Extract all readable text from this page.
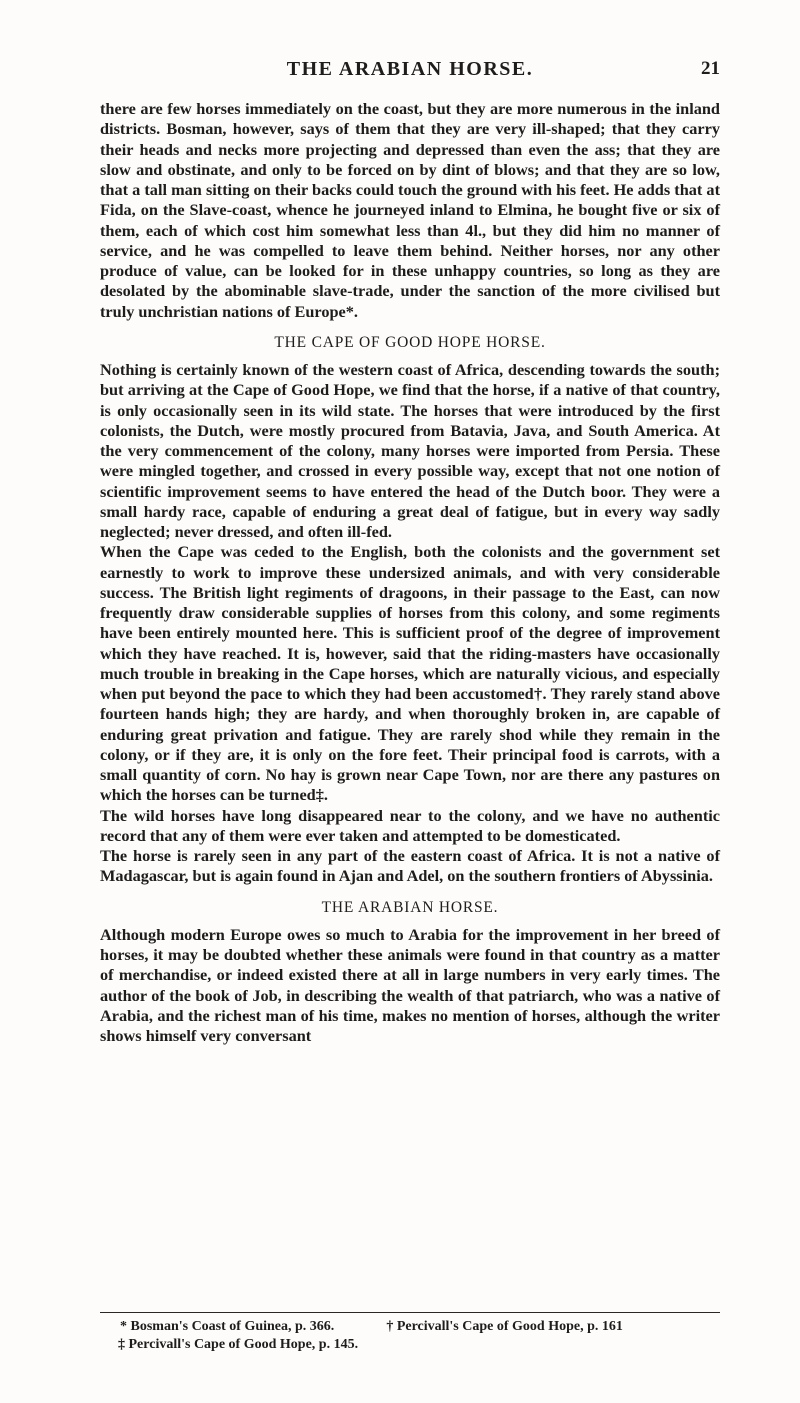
THE ARABIAN HORSE.	21

there are few horses immediately on the coast, but they are more numerous in the inland districts. Bosman, however, says of them that they are very ill-shaped; that they carry their heads and necks more projecting and depressed than even the ass; that they are slow and obstinate, and only to be forced on by dint of blows; and that they are so low, that a tall man sitting on their backs could touch the ground with his feet. He adds that at Fida, on the Slave-coast, whence he journeyed inland to Elmina, he bought five or six of them, each of which cost him somewhat less than 4l., but they did him no manner of service, and he was compelled to leave them behind. Neither horses, nor any other produce of value, can be looked for in these unhappy countries, so long as they are desolated by the abominable slave-trade, under the sanction of the more civilised but truly unchristian nations of Europe*.

THE CAPE OF GOOD HOPE HORSE.

Nothing is certainly known of the western coast of Africa, descending towards the south; but arriving at the Cape of Good Hope, we find that the horse, if a native of that country, is only occasionally seen in its wild state. The horses that were introduced by the first colonists, the Dutch, were mostly procured from Batavia, Java, and South America. At the very commencement of the colony, many horses were imported from Persia. These were mingled together, and crossed in every possible way, except that not one notion of scientific improvement seems to have entered the head of the Dutch boor. They were a small hardy race, capable of enduring a great deal of fatigue, but in every way sadly neglected; never dressed, and often ill-fed.

When the Cape was ceded to the English, both the colonists and the government set earnestly to work to improve these undersized animals, and with very considerable success. The British light regiments of dragoons, in their passage to the East, can now frequently draw considerable supplies of horses from this colony, and some regiments have been entirely mounted here. This is sufficient proof of the degree of improvement which they have reached. It is, however, said that the riding-masters have occasionally much trouble in breaking in the Cape horses, which are naturally vicious, and especially when put beyond the pace to which they had been accustomed†. They rarely stand above fourteen hands high; they are hardy, and when thoroughly broken in, are capable of enduring great privation and fatigue. They are rarely shod while they remain in the colony, or if they are, it is only on the fore feet. Their principal food is carrots, with a small quantity of corn. No hay is grown near Cape Town, nor are there any pastures on which the horses can be turned‡.

The wild horses have long disappeared near to the colony, and we have no authentic record that any of them were ever taken and attempted to be domesticated.

The horse is rarely seen in any part of the eastern coast of Africa. It is not a native of Madagascar, but is again found in Ajan and Adel, on the southern frontiers of Abyssinia.

THE ARABIAN HORSE.

Although modern Europe owes so much to Arabia for the improvement in her breed of horses, it may be doubted whether these animals were found in that country as a matter of merchandise, or indeed existed there at all in large numbers in very early times. The author of the book of Job, in describing the wealth of that patriarch, who was a native of Arabia, and the richest man of his time, makes no mention of horses, although the writer shows himself very conversant

* Bosman's Coast of Guinea, p. 366.	† Percivall's Cape of Good Hope, p. 161
‡ Percivall's Cape of Good Hope, p. 145.
